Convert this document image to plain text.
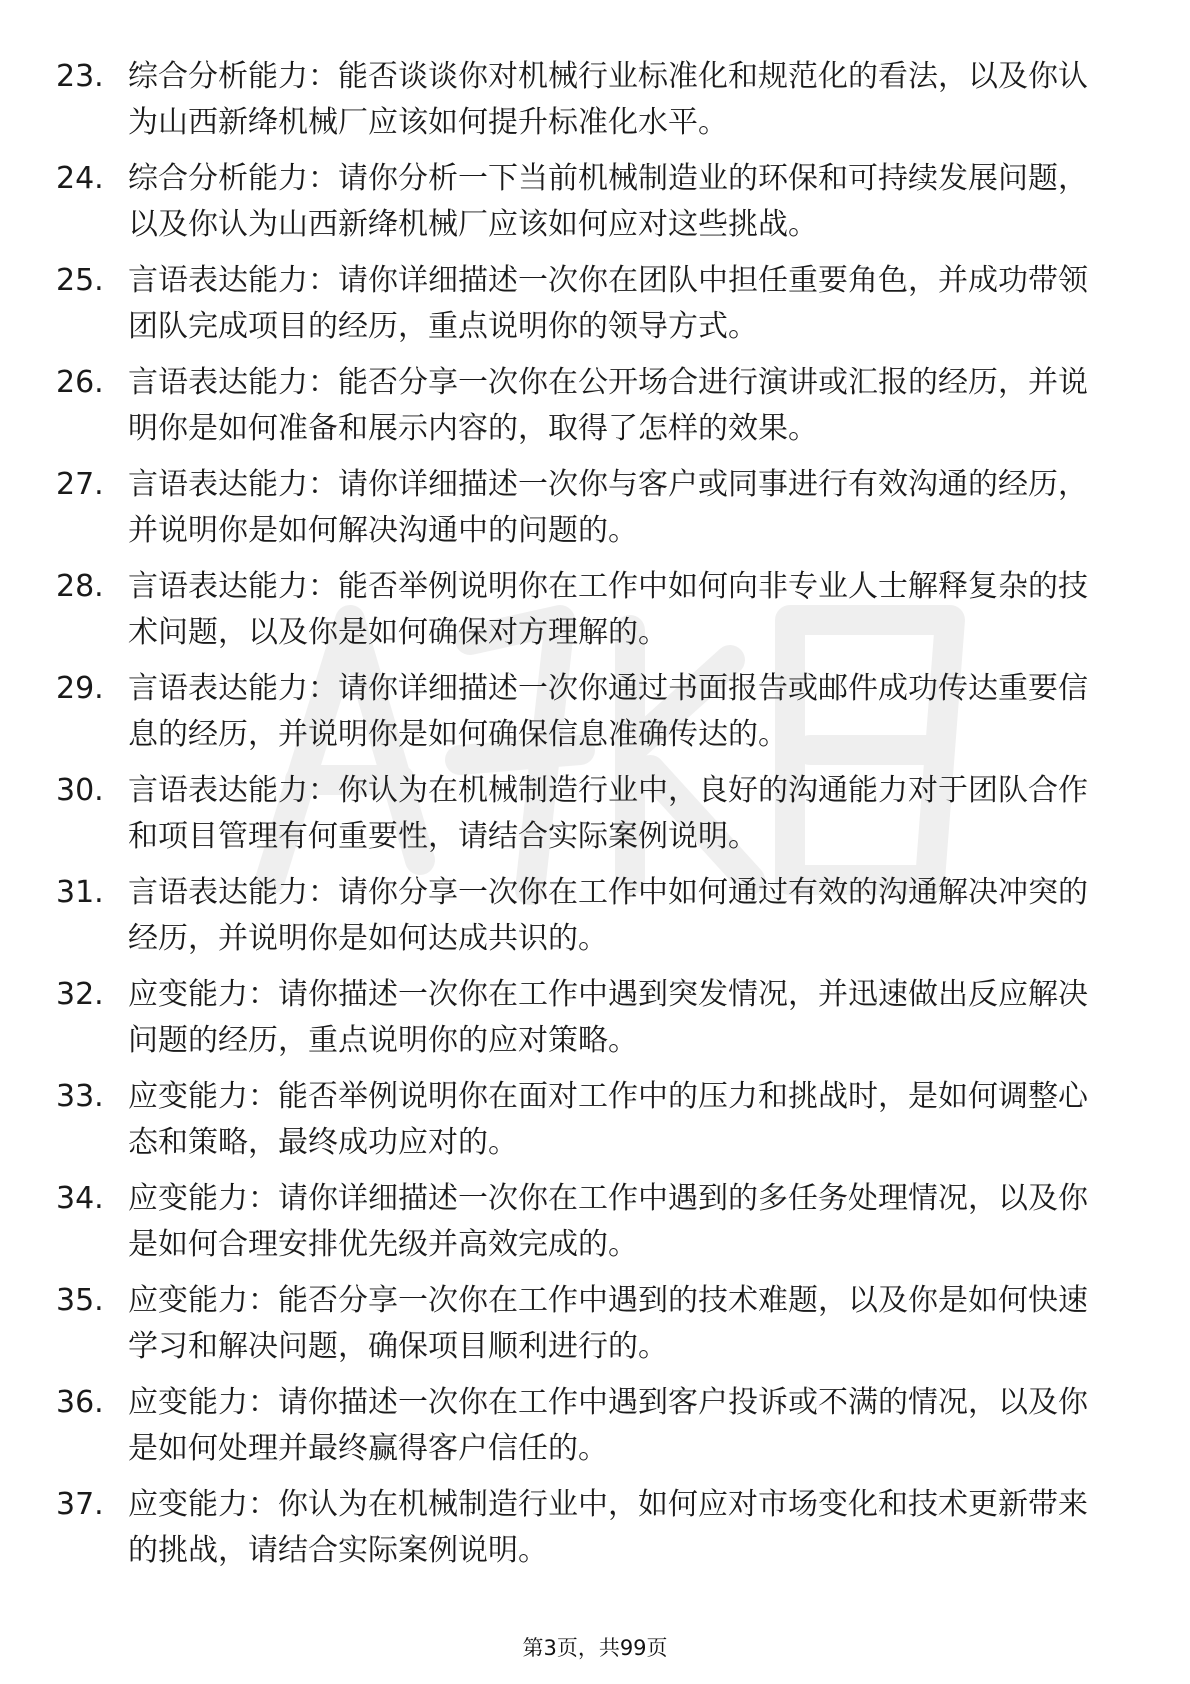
23. 综合分析能力：能否谈谈你对机械行业标准化和规范化的看法，以及你认为山西新绛机械厂应该如何提升标准化水平。
24. 综合分析能力：请你分析一下当前机械制造业的环保和可持续发展问题，以及你认为山西新绛机械厂应该如何应对这些挑战。
25. 言语表达能力：请你详细描述一次你在团队中担任重要角色，并成功带领团队完成项目的经历，重点说明你的领导方式。
26. 言语表达能力：能否分享一次你在公开场合进行演讲或汇报的经历，并说明你是如何准备和展示内容的，取得了怎样的效果。
27. 言语表达能力：请你详细描述一次你与客户或同事进行有效沟通的经历，并说明你是如何解决沟通中的问题的。
28. 言语表达能力：能否举例说明你在工作中如何向非专业人士解释复杂的技术问题，以及你是如何确保对方理解的。
29. 言语表达能力：请你详细描述一次你通过书面报告或邮件成功传达重要信息的经历，并说明你是如何确保信息准确传达的。
30. 言语表达能力：你认为在机械制造行业中，良好的沟通能力对于团队合作和项目管理有何重要性，请结合实际案例说明。
31. 言语表达能力：请你分享一次你在工作中如何通过有效的沟通解决冲突的经历，并说明你是如何达成共识的。
32. 应变能力：请你描述一次你在工作中遇到突发情况，并迅速做出反应解决问题的经历，重点说明你的应对策略。
33. 应变能力：能否举例说明你在面对工作中的压力和挑战时，是如何调整心态和策略，最终成功应对的。
34. 应变能力：请你详细描述一次你在工作中遇到的多任务处理情况，以及你是如何合理安排优先级并高效完成的。
35. 应变能力：能否分享一次你在工作中遇到的技术难题，以及你是如何快速学习和解决问题，确保项目顺利进行的。
36. 应变能力：请你描述一次你在工作中遇到客户投诉或不满的情况，以及你是如何处理并最终赢得客户信任的。
37. 应变能力：你认为在机械制造行业中，如何应对市场变化和技术更新带来的挑战，请结合实际案例说明。
第3页，共99页
